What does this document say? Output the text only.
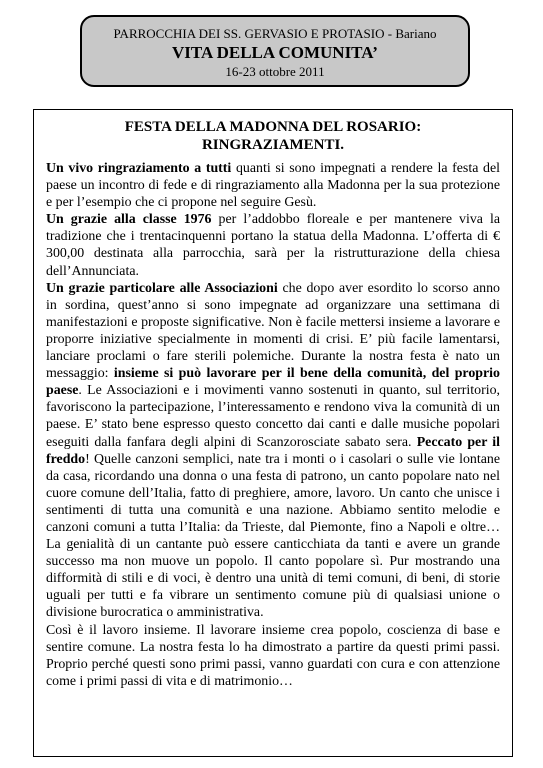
PARROCCHIA DEI SS. GERVASIO E PROTASIO - Bariano
VITA DELLA COMUNITA’
16-23 ottobre 2011
FESTA DELLA MADONNA DEL ROSARIO:
RINGRAZIAMENTI.

Un vivo ringraziamento a tutti quanti si sono impegnati a rendere la festa del paese un incontro di fede e di ringraziamento alla Madonna per la sua protezione e per l’esempio che ci propone nel seguire Gesù.

Un grazie alla classe 1976 per l’addobbo floreale e per mantenere viva la tradizione che i trentacinquenni portano la statua della Madonna. L’offerta di € 300,00 destinata alla parrocchia, sarà per la ristrutturazione della chiesa dell’Annunciata.

Un grazie particolare alle Associazioni che dopo aver esordito lo scorso anno in sordina, quest’anno si sono impegnate ad organizzare una settimana di manifestazioni e proposte significative. Non è facile mettersi insieme a lavorare e proporre iniziative specialmente in momenti di crisi. E’ più facile lamentarsi, lanciare proclami o fare sterili polemiche. Durante la nostra festa è nato un messaggio: insieme si può lavorare per il bene della comunità, del proprio paese. Le Associazioni e i movimenti vanno sostenuti in quanto, sul territorio, favoriscono la partecipazione, l’interessamento e rendono viva la comunità di un paese. E’ stato bene espresso questo concetto dai canti e dalle musiche popolari eseguiti dalla fanfara degli alpini di Scanzorosciate sabato sera. Peccato per il freddo! Quelle canzoni semplici, nate tra i monti o i casolari o sulle vie lontane da casa, ricordando una donna o una festa di patrono, un canto popolare nato nel cuore comune dell’Italia, fatto di preghiere, amore, lavoro. Un canto che unisce i sentimenti di tutta una comunità e una nazione. Abbiamo sentito melodie e canzoni comuni a tutta l’Italia: da Trieste, dal Piemonte, fino a Napoli e oltre… La genialità di un cantante può essere canticchiata da tanti e avere un grande successo ma non muove un popolo. Il canto popolare sì. Pur mostrando una difformità di stili e di voci, è dentro una unità di temi comuni, di beni, di storie uguali per tutti e fa vibrare un sentimento comune più di qualsiasi unione o divisione burocratica o amministrativa.

Così è il lavoro insieme. Il lavorare insieme crea popolo, coscienza di base e sentire comune. La nostra festa lo ha dimostrato a partire da questi primi passi. Proprio perché questi sono primi passi, vanno guardati con cura e con attenzione come i primi passi di vita e di matrimonio…
